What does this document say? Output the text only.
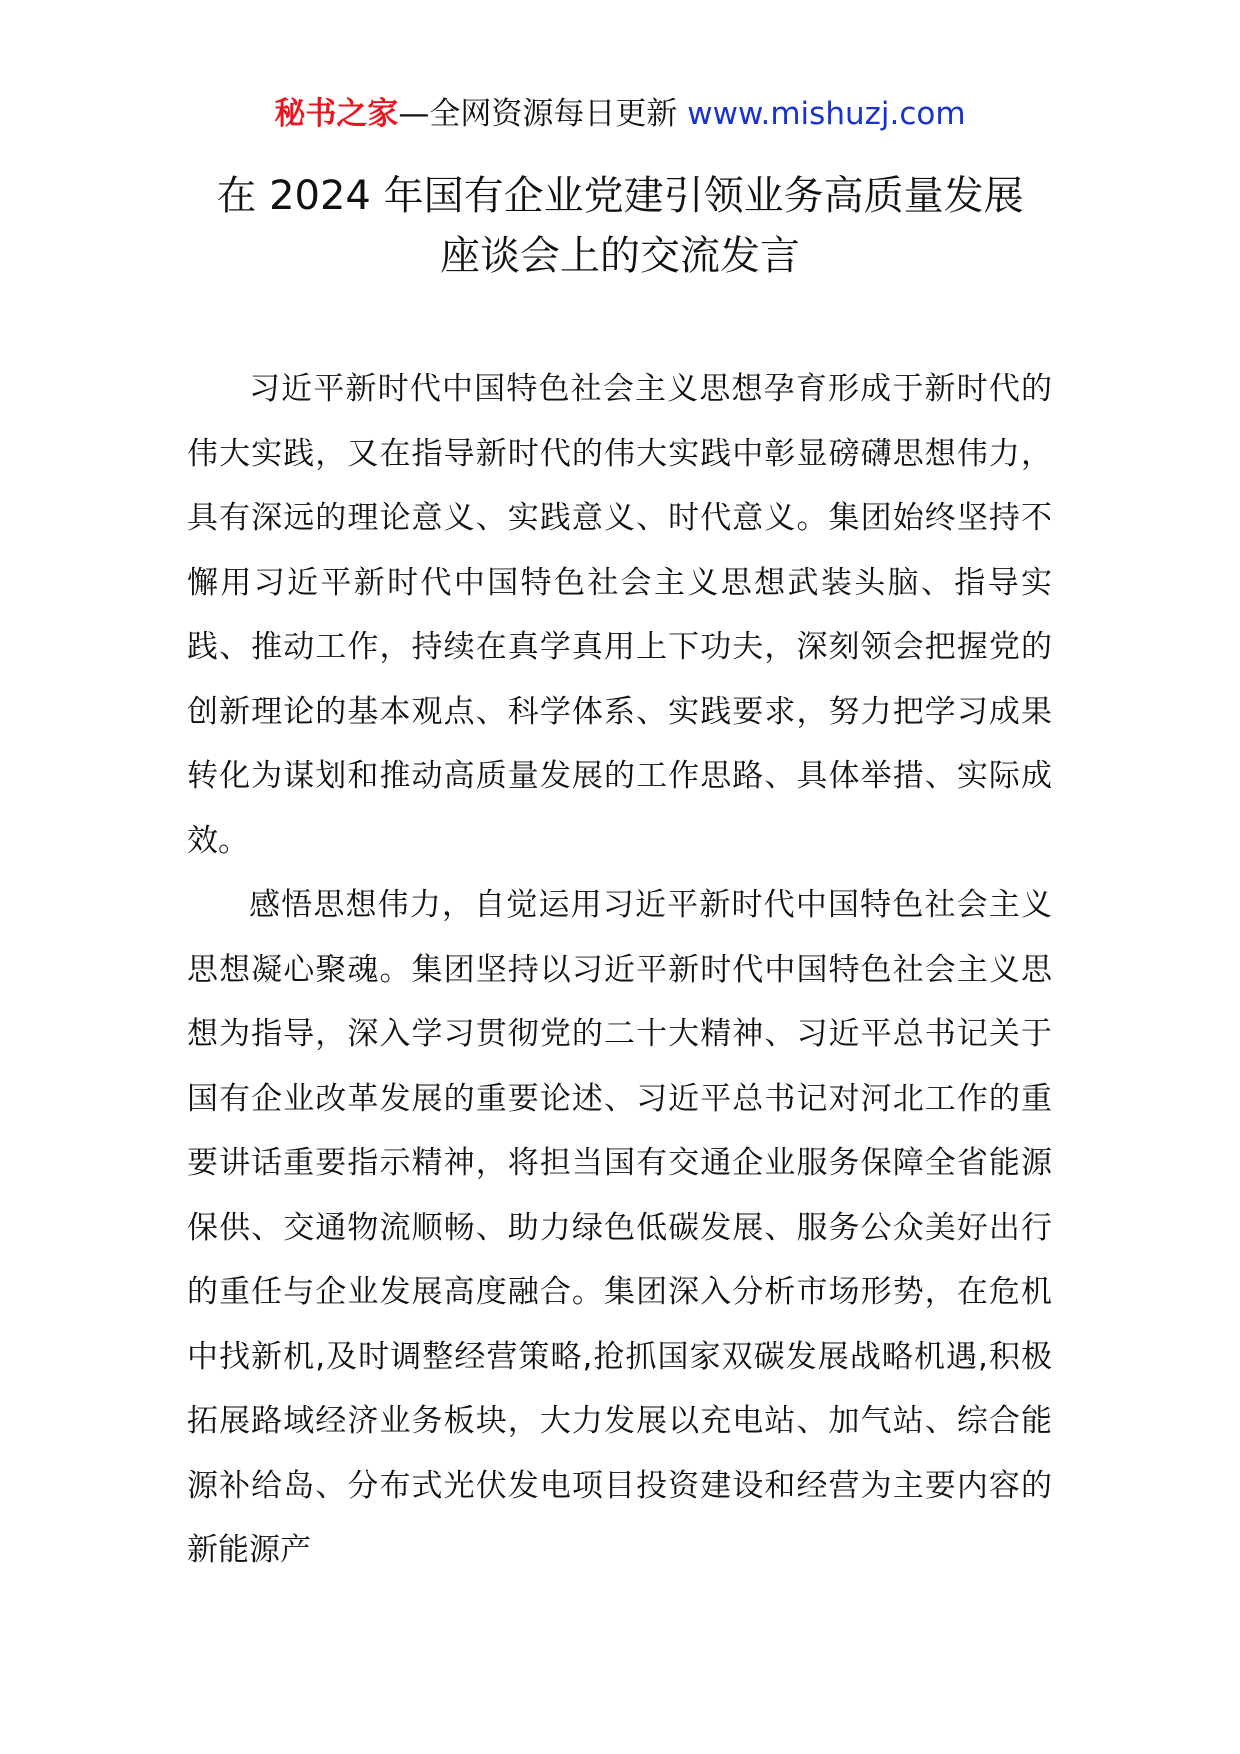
秘书之家—全网资源每日更新 www.mishuzj.com
在 2024 年国有企业党建引领业务高质量发展
座谈会上的交流发言

习近平新时代中国特色社会主义思想孕育形成于新时代的伟大实践，又在指导新时代的伟大实践中彰显磅礴思想伟力，具有深远的理论意义、实践意义、时代意义。集团始终坚持不懈用习近平新时代中国特色社会主义思想武装头脑、指导实践、推动工作，持续在真学真用上下功夫，深刻领会把握党的创新理论的基本观点、科学体系、实践要求，努力把学习成果转化为谋划和推动高质量发展的工作思路、具体举措、实际成效。

感悟思想伟力，自觉运用习近平新时代中国特色社会主义思想凝心聚魂。集团坚持以习近平新时代中国特色社会主义思想为指导，深入学习贯彻党的二十大精神、习近平总书记关于国有企业改革发展的重要论述、习近平总书记对河北工作的重要讲话重要指示精神，将担当国有交通企业服务保障全省能源保供、交通物流顺畅、助力绿色低碳发展、服务公众美好出行的重任与企业发展高度融合。集团深入分析市场形势，在危机中找新机,及时调整经营策略,抢抓国家双碳发展战略机遇,积极拓展路域经济业务板块，大力发展以充电站、加气站、综合能源补给岛、分布式光伏发电项目投资建设和经营为主要内容的新能源产
